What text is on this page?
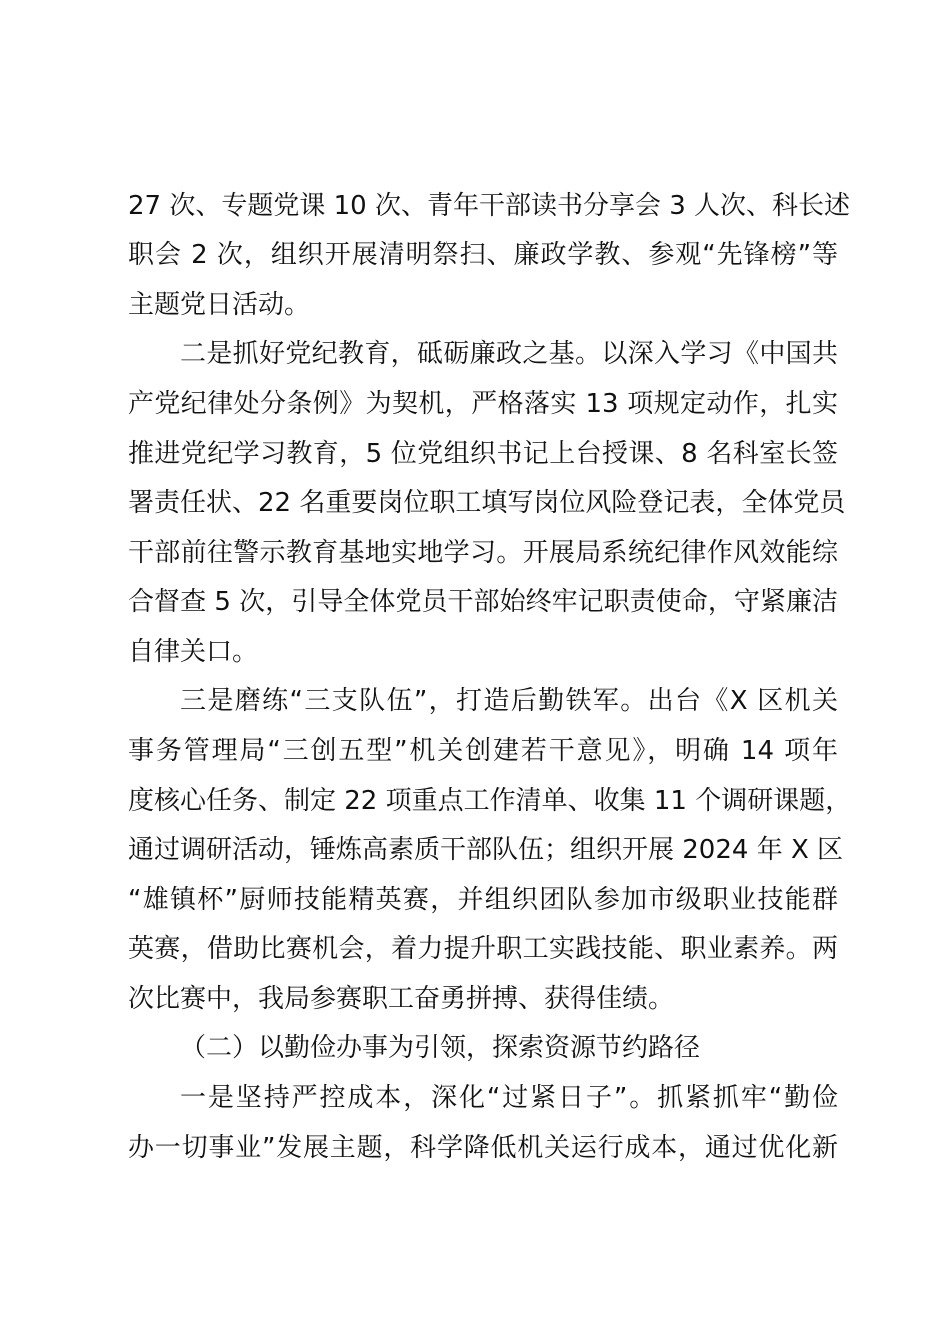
27 次、专题党课 10 次、青年干部读书分享会 3 人次、科长述
职会 2 次，组织开展清明祭扫、廉政学教、参观“先锋榜”等
主题党日活动。
二是抓好党纪教育，砥砺廉政之基。以深入学习《中国共
产党纪律处分条例》为契机，严格落实 13 项规定动作，扎实
推进党纪学习教育，5 位党组织书记上台授课、8 名科室长签
署责任状、22 名重要岗位职工填写岗位风险登记表，全体党员
干部前往警示教育基地实地学习。开展局系统纪律作风效能综
合督查 5 次，引导全体党员干部始终牢记职责使命，守紧廉洁
自律关口。
三是磨练“三支队伍”，打造后勤铁军。出台《X 区机关
事务管理局“三创五型”机关创建若干意见》，明确 14 项年
度核心任务、制定 22 项重点工作清单、收集 11 个调研课题，
通过调研活动，锤炼高素质干部队伍；组织开展 2024 年 X 区
“雄镇杯”厨师技能精英赛，并组织团队参加市级职业技能群
英赛，借助比赛机会，着力提升职工实践技能、职业素养。两
次比赛中，我局参赛职工奋勇拼搏、获得佳绩。
（二）以勤俭办事为引领，探索资源节约路径
一是坚持严控成本，深化“过紧日子”。抓紧抓牢“勤俭
办一切事业”发展主题，科学降低机关运行成本，通过优化新
